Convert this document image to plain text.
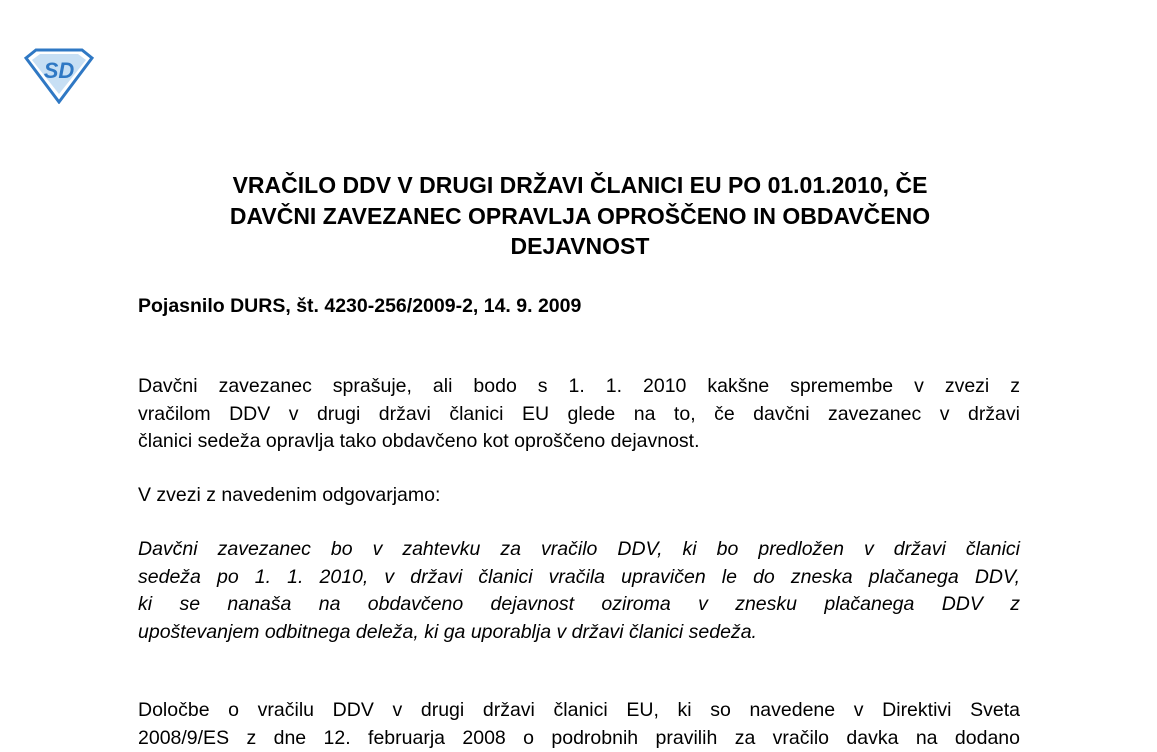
SD
VRAČILO DDV V DRUGI DRŽAVI ČLANICI EU PO 01.01.2010, ČE
DAVČNI ZAVEZANEC OPRAVLJA OPROŠČENO IN OBDAVČENO
DEJAVNOST
Pojasnilo DURS, št. 4230-256/2009-2, 14. 9. 2009
Davčni zavezanec sprašuje, ali bodo s 1. 1. 2010 kakšne spremembe v zvezi z
vračilom DDV v drugi državi članici EU glede na to, če davčni zavezanec v državi
članici sedeža opravlja tako obdavčeno kot oproščeno dejavnost.
V zvezi z navedenim odgovarjamo:
Davčni zavezanec bo v zahtevku za vračilo DDV, ki bo predložen v državi članici
sedeža po 1. 1. 2010, v državi članici vračila upravičen le do zneska plačanega DDV,
ki se nanaša na obdavčeno dejavnost oziroma v znesku plačanega DDV z
upoštevanjem odbitnega deleža, ki ga uporablja v državi članici sedeža.
Določbe o vračilu DDV v drugi državi članici EU, ki so navedene v Direktivi Sveta
2008/9/ES z dne 12. februarja 2008 o podrobnih pravilih za vračilo davka na dodano
